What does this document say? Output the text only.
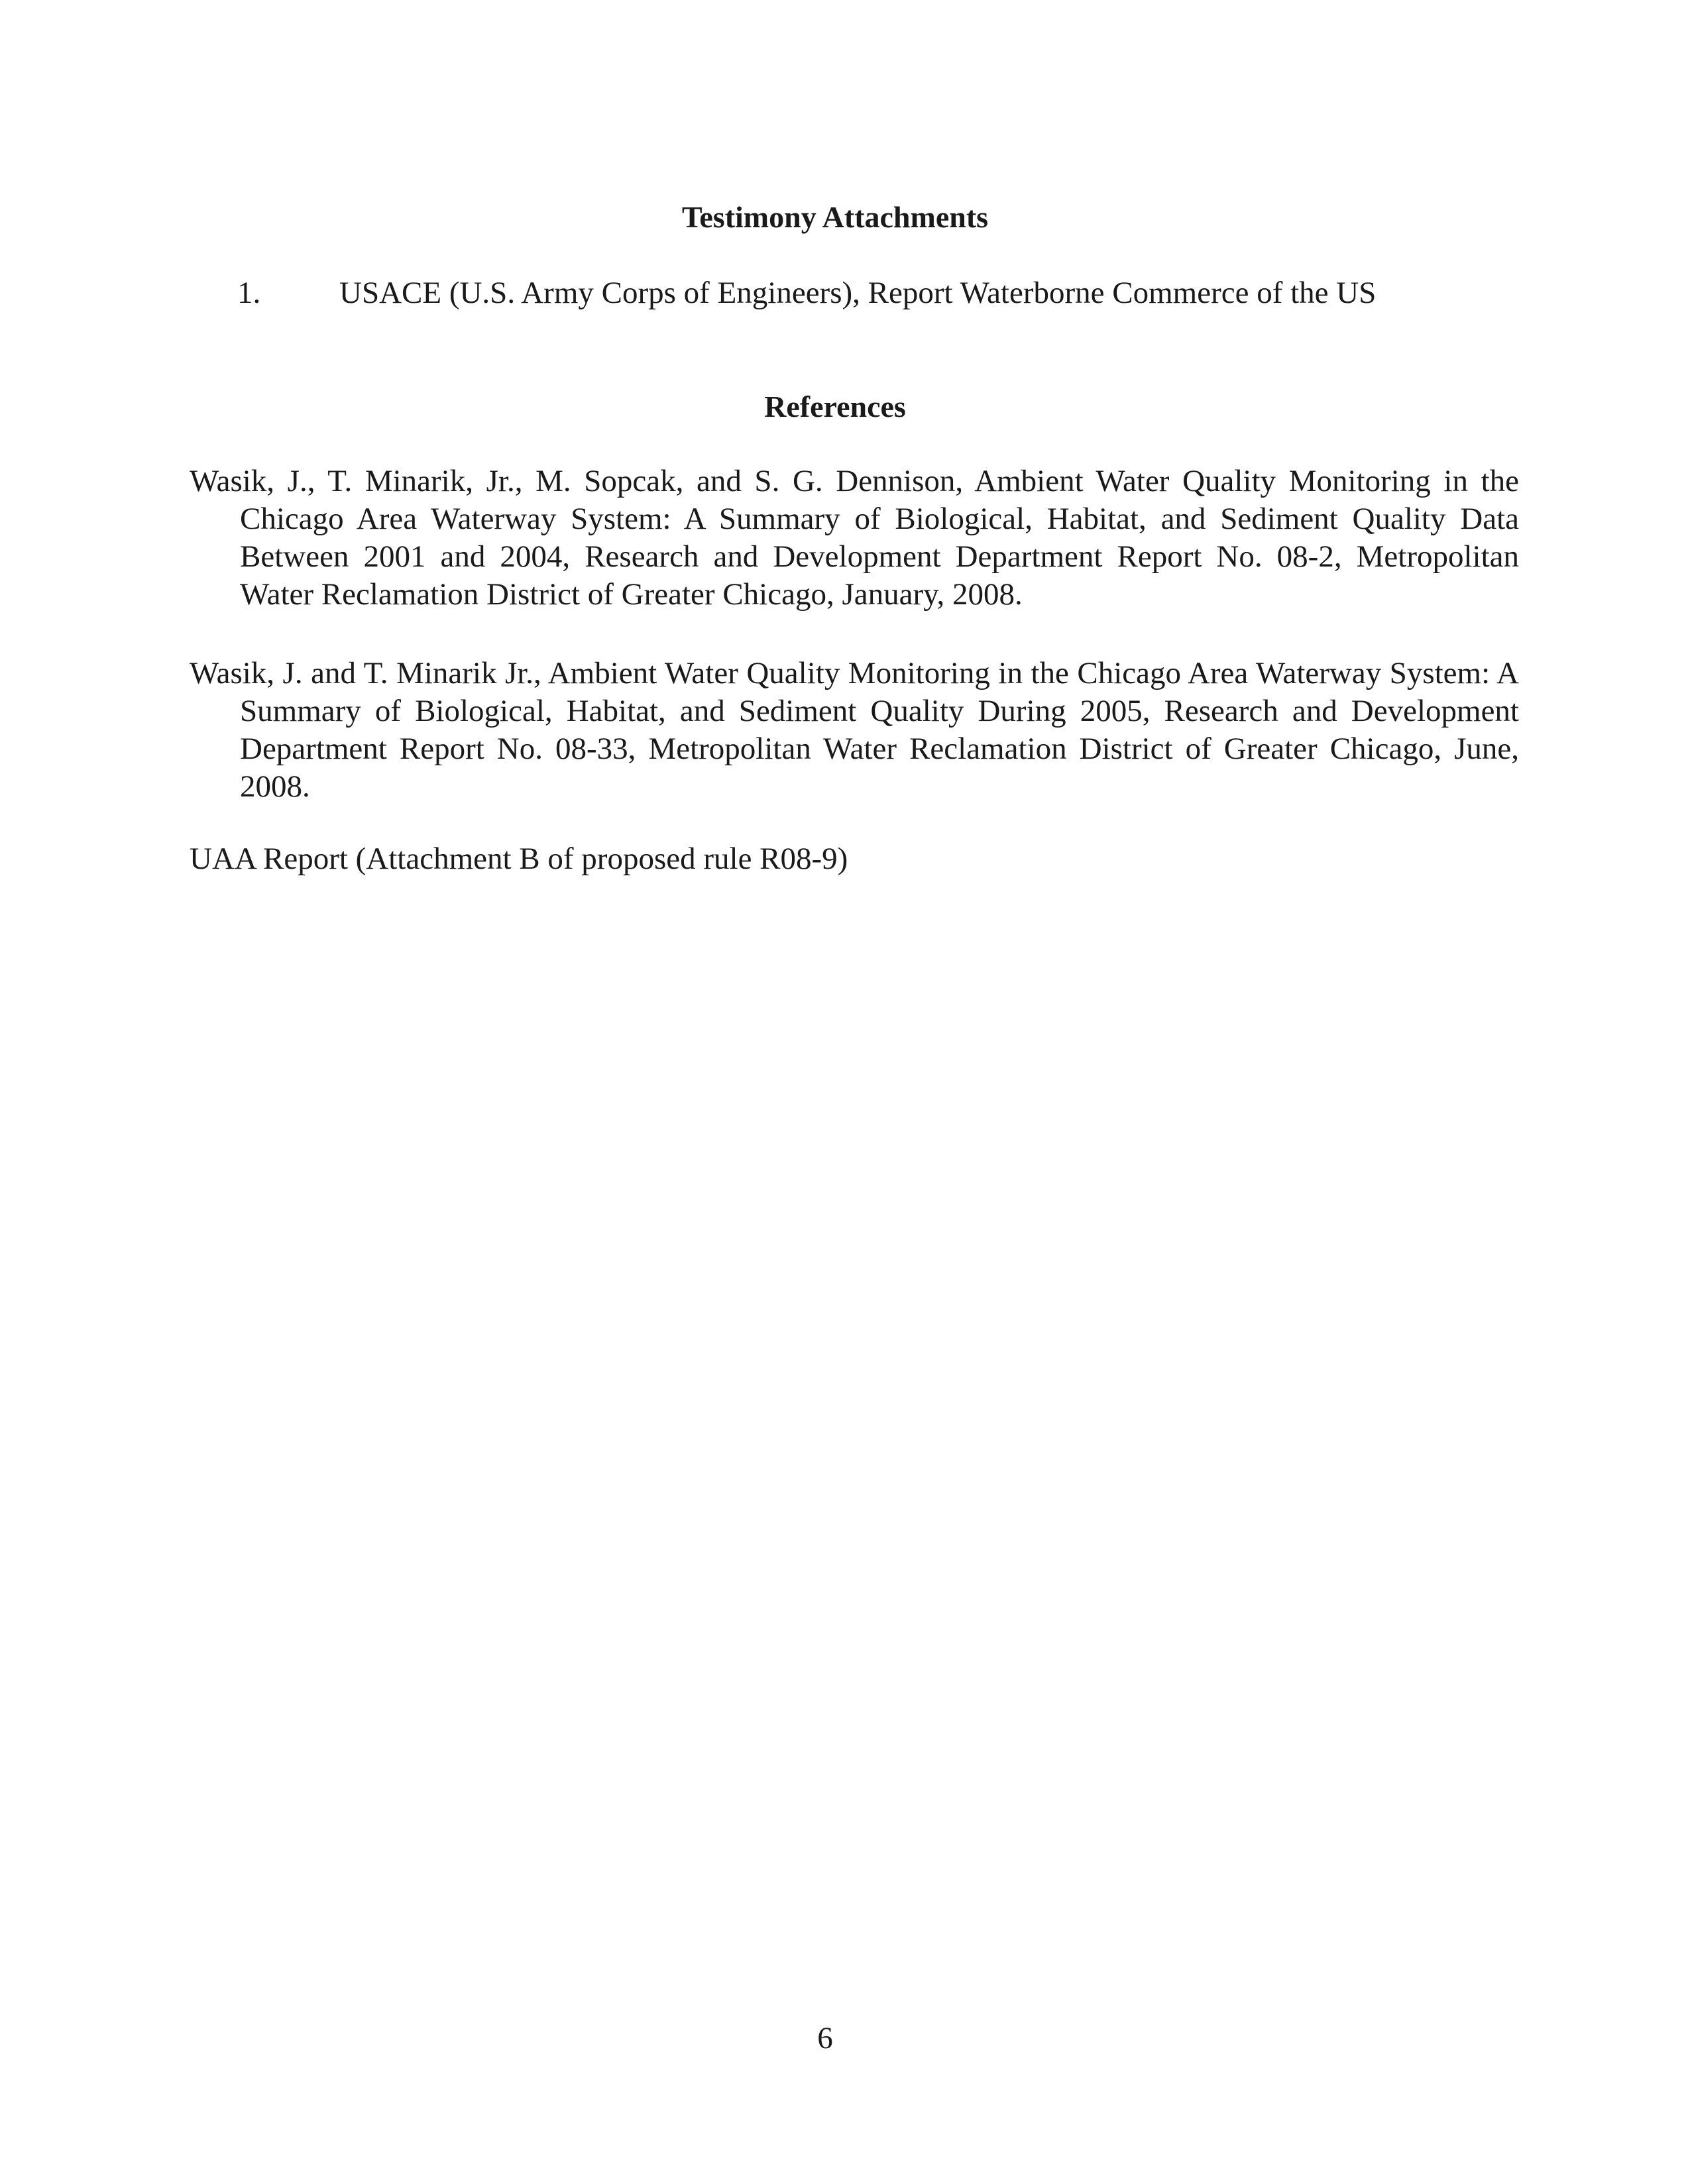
Testimony Attachments
1.	USACE (U.S. Army Corps of Engineers), Report Waterborne Commerce of the US
References

Wasik, J., T. Minarik, Jr., M. Sopcak, and S. G. Dennison, Ambient Water Quality Monitoring in the Chicago Area Waterway System: A Summary of Biological, Habitat, and Sediment Quality Data Between 2001 and 2004, Research and Development Department Report No. 08-2, Metropolitan Water Reclamation District of Greater Chicago, January, 2008.

Wasik, J. and T. Minarik Jr., Ambient Water Quality Monitoring in the Chicago Area Waterway System: A Summary of Biological, Habitat, and Sediment Quality During 2005, Research and Development Department Report No. 08-33, Metropolitan Water Reclamation District of Greater Chicago, June, 2008.

UAA Report (Attachment B of proposed rule R08-9)

6
